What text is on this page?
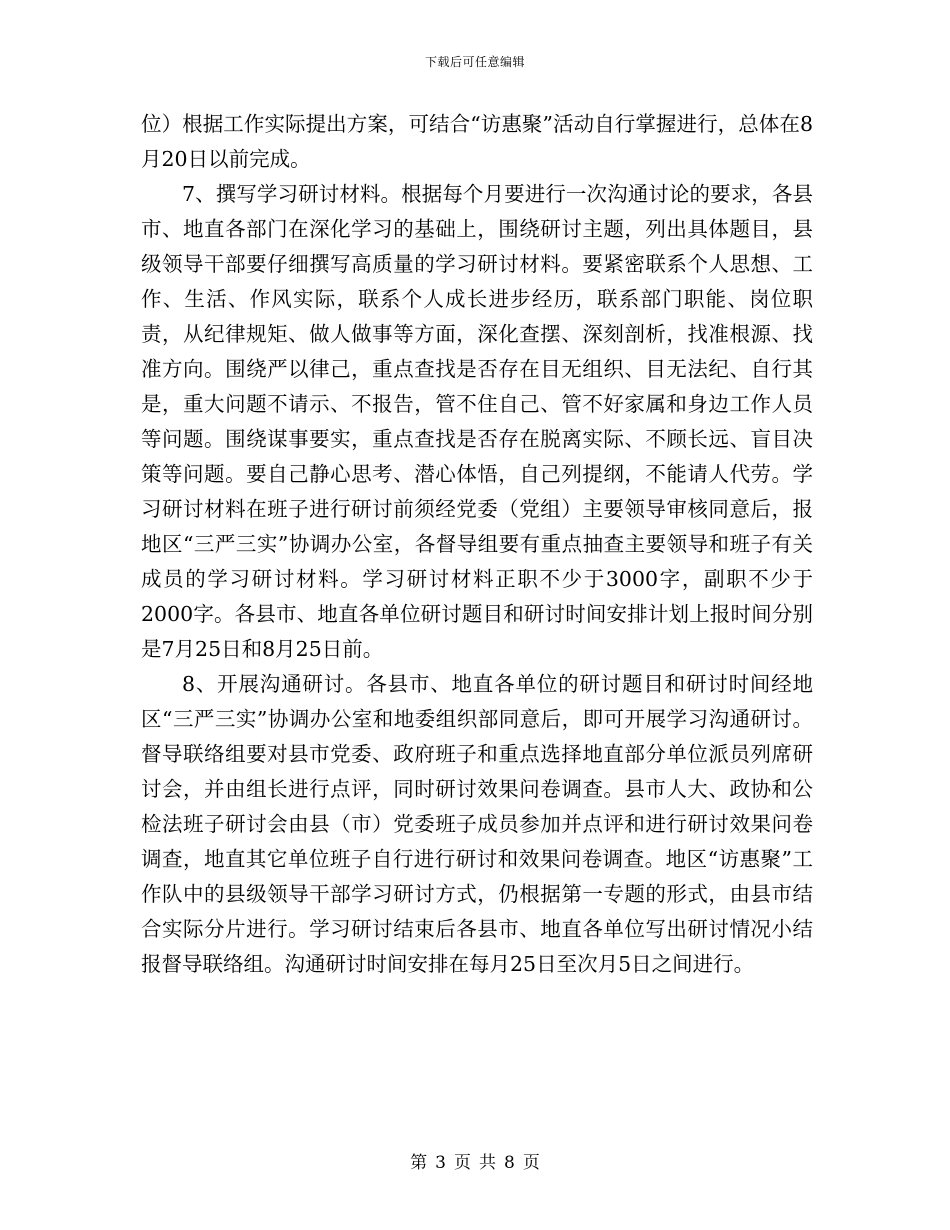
下载后可任意编辑

位）根据工作实际提出方案，可结合“访惠聚”活动自行掌握进行，总体在8月20日以前完成。

7、撰写学习研讨材料。根据每个月要进行一次沟通讨论的要求，各县市、地直各部门在深化学习的基础上，围绕研讨主题，列出具体题目，县级领导干部要仔细撰写高质量的学习研讨材料。要紧密联系个人思想、工作、生活、作风实际，联系个人成长进步经历，联系部门职能、岗位职责，从纪律规矩、做人做事等方面，深化查摆、深刻剖析，找准根源、找准方向。围绕严以律己，重点查找是否存在目无组织、目无法纪、自行其是，重大问题不请示、不报告，管不住自己、管不好家属和身边工作人员等问题。围绕谋事要实，重点查找是否存在脱离实际、不顾长远、盲目决策等问题。要自己静心思考、潜心体悟，自己列提纲，不能请人代劳。学习研讨材料在班子进行研讨前须经党委（党组）主要领导审核同意后，报地区“三严三实”协调办公室，各督导组要有重点抽查主要领导和班子有关成员的学习研讨材料。学习研讨材料正职不少于3000字，副职不少于2000字。各县市、地直各单位研讨题目和研讨时间安排计划上报时间分别是7月25日和8月25日前。

8、开展沟通研讨。各县市、地直各单位的研讨题目和研讨时间经地区“三严三实”协调办公室和地委组织部同意后，即可开展学习沟通研讨。督导联络组要对县市党委、政府班子和重点选择地直部分单位派员列席研讨会，并由组长进行点评，同时研讨效果问卷调查。县市人大、政协和公检法班子研讨会由县（市）党委班子成员参加并点评和进行研讨效果问卷调查，地直其它单位班子自行进行研讨和效果问卷调查。地区“访惠聚”工作队中的县级领导干部学习研讨方式，仍根据第一专题的形式，由县市结合实际分片进行。学习研讨结束后各县市、地直各单位写出研讨情况小结报督导联络组。沟通研讨时间安排在每月25日至次月5日之间进行。

第 3 页 共 8 页
